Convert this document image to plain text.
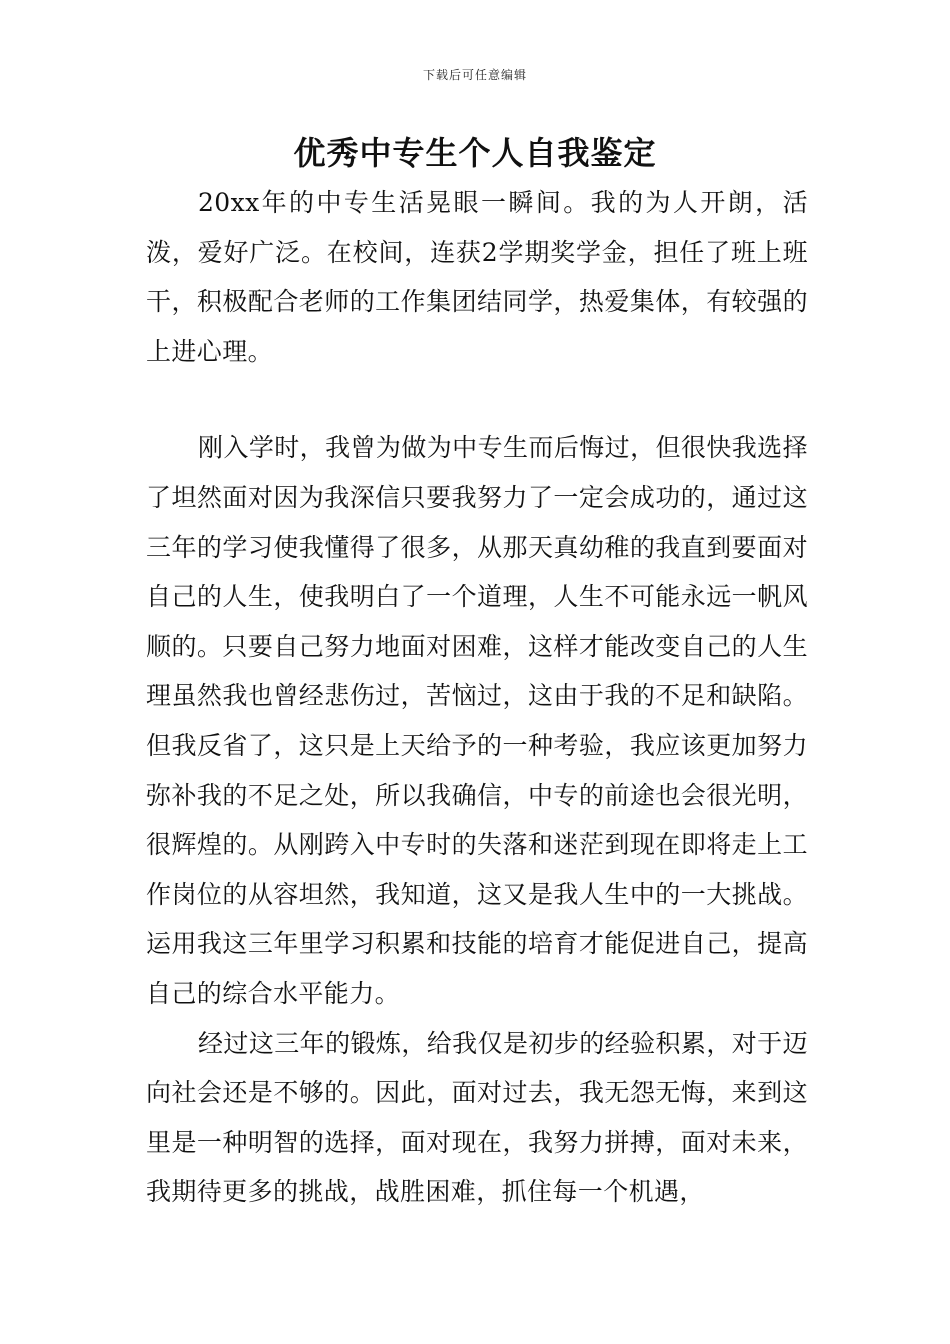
下载后可任意编辑
优秀中专生个人自我鉴定

20xx年的中专生活晃眼一瞬间。我的为人开朗，活泼，爱好广泛。在校间，连获2学期奖学金，担任了班上班干，积极配合老师的工作集团结同学，热爱集体，有较强的上进心理。

刚入学时，我曾为做为中专生而后悔过，但很快我选择了坦然面对因为我深信只要我努力了一定会成功的，通过这三年的学习使我懂得了很多，从那天真幼稚的我直到要面对自己的人生，使我明白了一个道理，人生不可能永远一帆风顺的。只要自己努力地面对困难，这样才能改变自己的人生理虽然我也曾经悲伤过，苦恼过，这由于我的不足和缺陷。但我反省了，这只是上天给予的一种考验，我应该更加努力弥补我的不足之处，所以我确信，中专的前途也会很光明，很辉煌的。从刚跨入中专时的失落和迷茫到现在即将走上工作岗位的从容坦然，我知道，这又是我人生中的一大挑战。运用我这三年里学习积累和技能的培育才能促进自己，提高自己的综合水平能力。

经过这三年的锻炼，给我仅是初步的经验积累，对于迈向社会还是不够的。因此，面对过去，我无怨无悔，来到这里是一种明智的选择，面对现在，我努力拼搏，面对未来，我期待更多的挑战，战胜困难，抓住每一个机遇，
